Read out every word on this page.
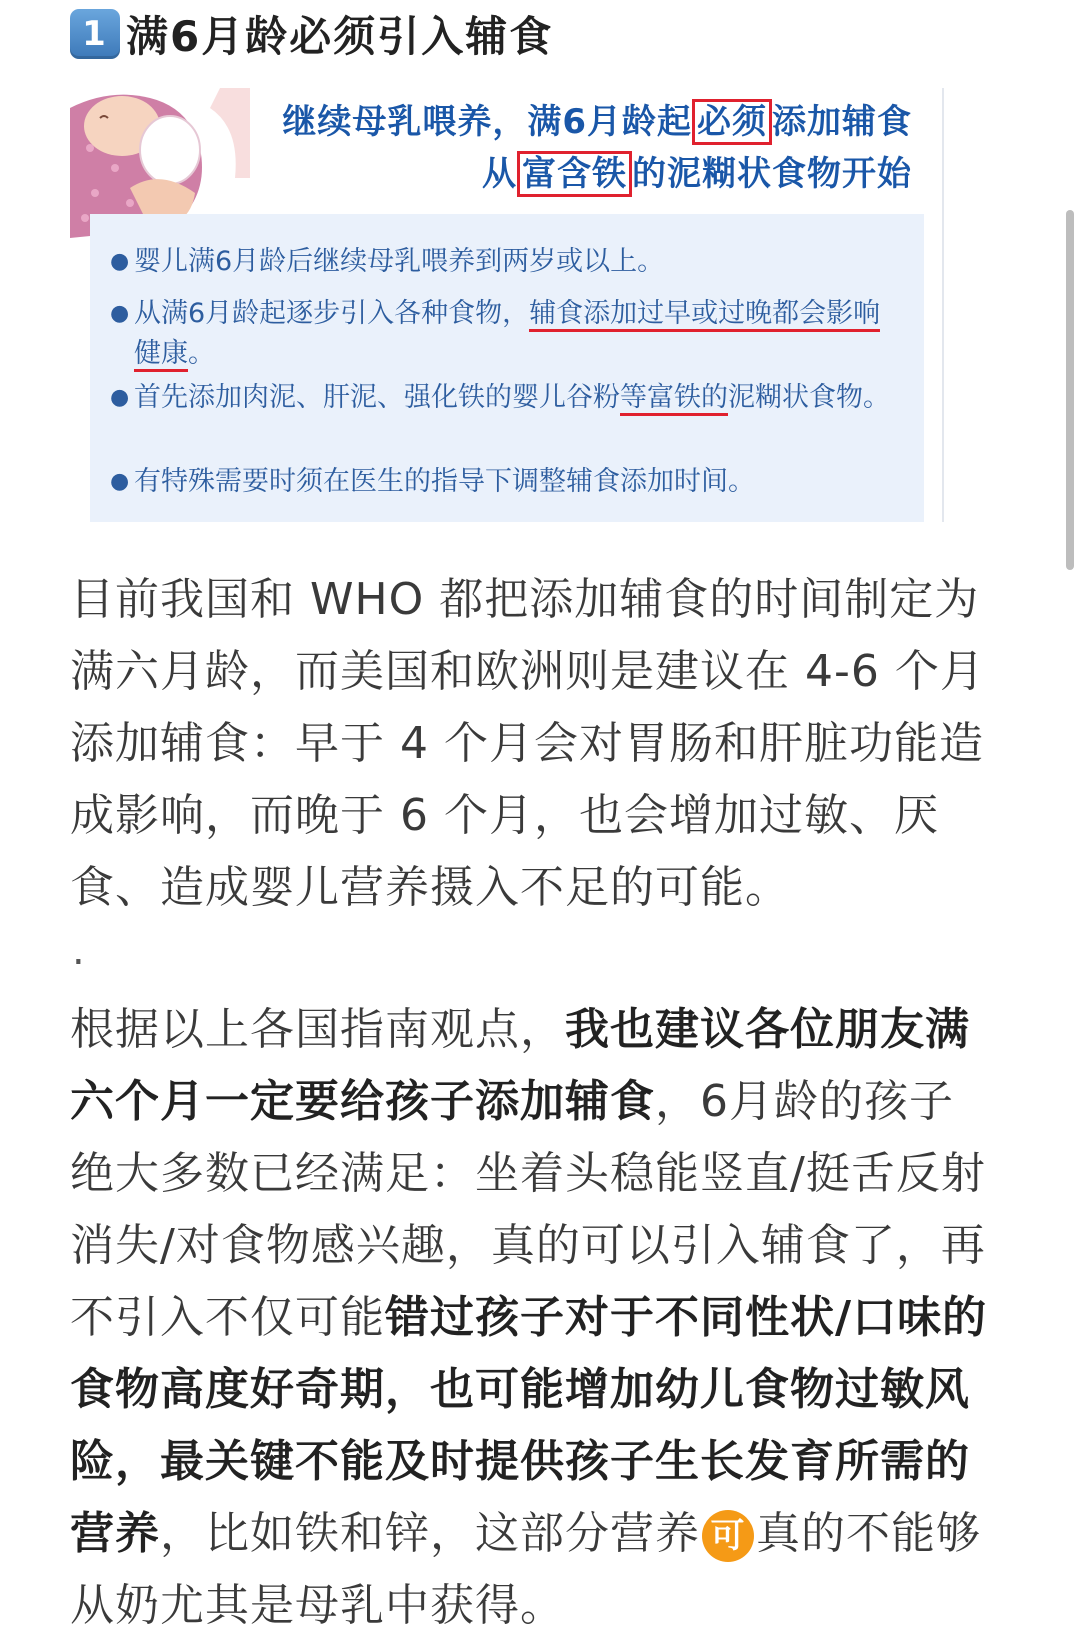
1 满6月龄必须引入辅食
继续母乳喂养，满6月龄起 必须 添加辅食
从 富含铁 的泥糊状食物开始
● 婴儿满6月龄后继续母乳喂养到两岁或以上。
● 从满6月龄起逐步引入各种食物，辅食添加过早或过晚都会影响健康。
● 首先添加肉泥、肝泥、强化铁的婴儿谷粉等富铁的泥糊状食物。
● 有特殊需要时须在医生的指导下调整辅食添加时间。
目前我国和 WHO 都把添加辅食的时间制定为满六月龄，而美国和欧洲则是建议在 4-6 个月添加辅食：早于 4 个月会对胃肠和肝脏功能造成影响，而晚于 6 个月，也会增加过敏、厌食、造成婴儿营养摄入不足的可能。
.
根据以上各国指南观点，我也建议各位朋友满六个月一定要给孩子添加辅食，6月龄的孩子绝大多数已经满足：坐着头稳能竖直/挺舌反射消失/对食物感兴趣，真的可以引入辅食了，再不引入不仅可能错过孩子对于不同性状/口味的食物高度好奇期，也可能增加幼儿食物过敏风险，最关键不能及时提供孩子生长发育所需的营养，比如铁和锌，这部分营养 可 真的不能够从奶尤其是母乳中获得。
